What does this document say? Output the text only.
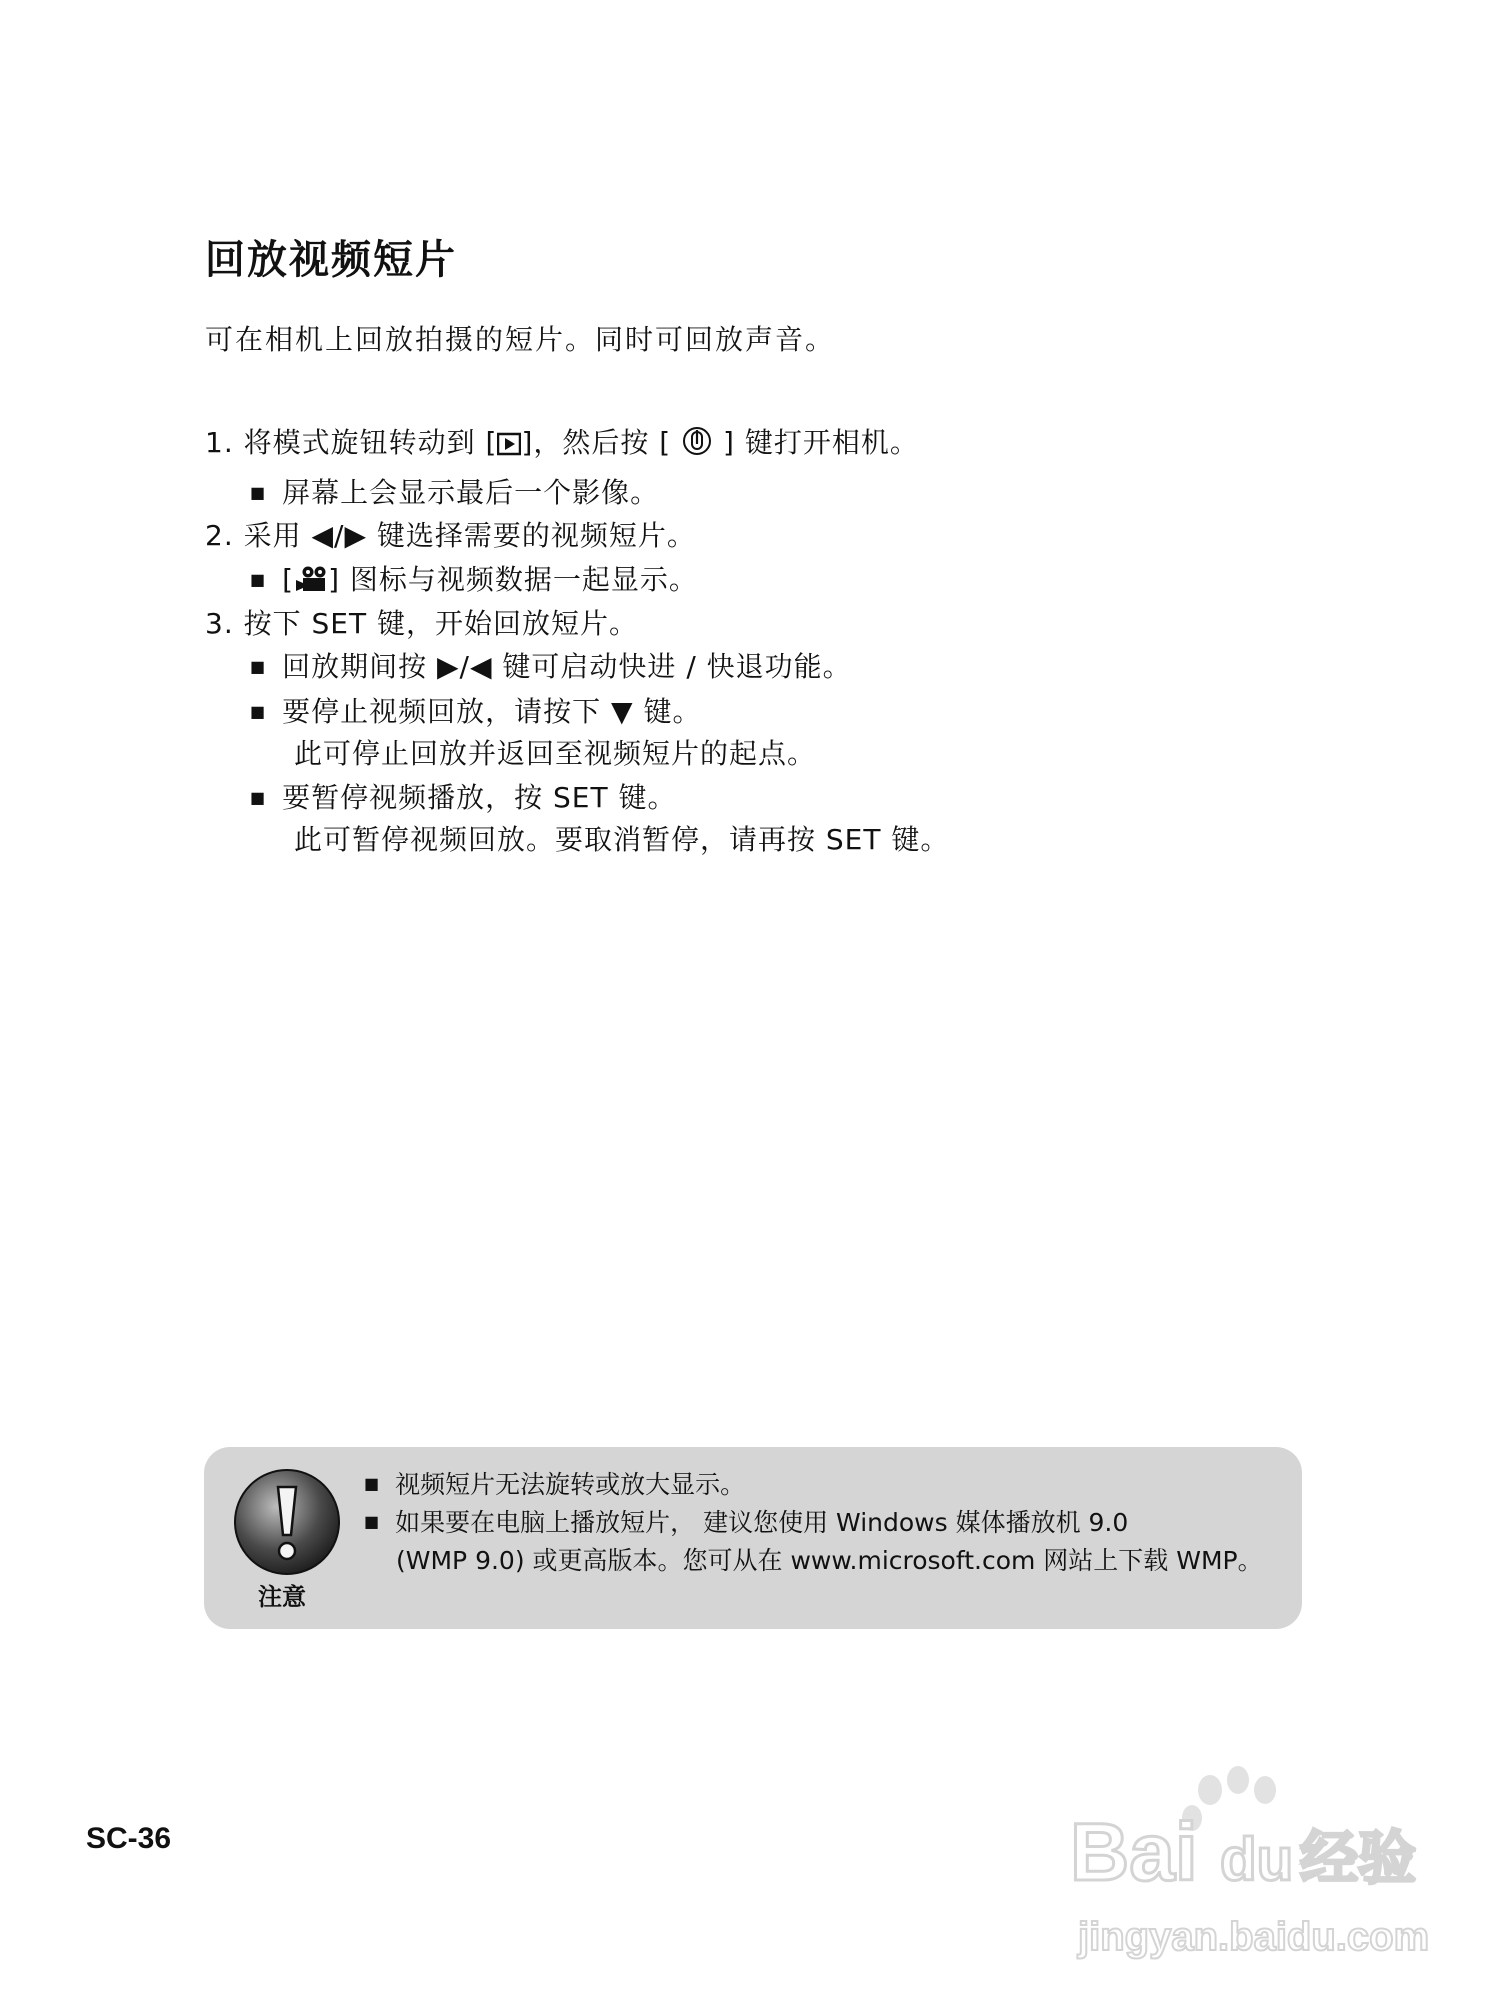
回放视频短片
可在相机上回放拍摄的短片。同时可回放声音。
1. 将模式旋钮转动到 [ ]，然后按 [ ] 键打开相机。
■ 屏幕上会显示最后一个影像。
2. 采用 ◀/▶ 键选择需要的视频短片。
■ [ ] 图标与视频数据一起显示。
3. 按下 SET 键，开始回放短片。
■ 回放期间按 ▶/◀ 键可启动快进 / 快退功能。
■ 要停止视频回放，请按下 ▼ 键。
此可停止回放并返回至视频短片的起点。
■ 要暂停视频播放，按 SET 键。
此可暂停视频回放。要取消暂停，请再按 SET 键。
注意
■ 视频短片无法旋转或放大显示。
■ 如果要在电脑上播放短片， 建议您使用 Windows 媒体播放机 9.0
(WMP 9.0) 或更高版本。您可从在 www.microsoft.com 网站上下载 WMP。
SC-36	Bai du 经验
jingyan.baidu.com
